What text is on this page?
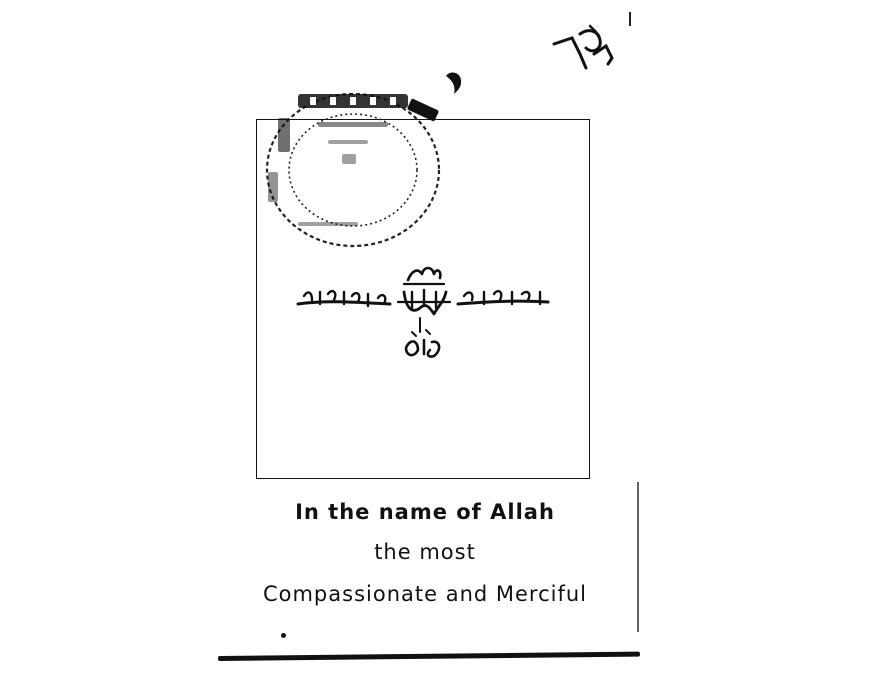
In the name of Allah
the most
Compassionate and Merciful
